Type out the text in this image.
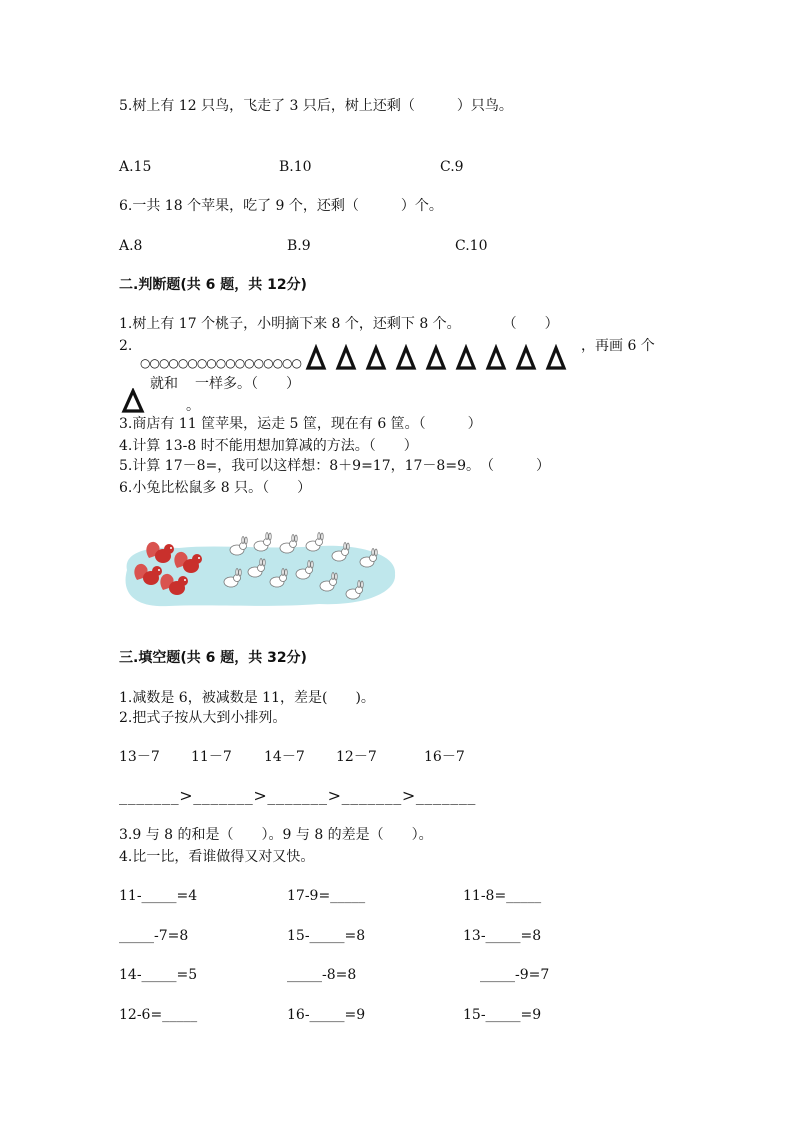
5.树上有 12 只鸟，飞走了 3 只后，树上还剩（　　　）只鸟。
A.15	B.10	C.9
6.一共 18 个苹果，吃了 9 个，还剩（　　　）个。
A.8	B.9	C.10
二.判断题(共 6 题，共 12分)
1.树上有 17 个桃子，小明摘下来 8 个，还剩下 8 个。　　　　（　　）
2.
○○○○○○○○○○○○○○○○○
，再画 6 个
就和 一样多。（　　）
。
3.商店有 11 筐苹果，运走 5 筐，现在有 6 筐。（　　　）
4.计算 13-8 时不能用想加算减的方法。（　　）
5.计算 17－8=，我可以这样想：8＋9=17，17－8=9。　（　　　）
6.小兔比松鼠多 8 只。（　　）
三.填空题(共 6 题，共 32分)
1.减数是 6，被减数是 11，差是(　　)。
2.把式子按从大到小排列。
13－7 11－7 14－7 12－7	16－7
_______>_______>_______>_______>_______
3.9 与 8 的和是（　　）。9 与 8 的差是（　　）。
4.比一比，看谁做得又对又快。
11-_____=4	17-9=_____	11-8=_____
_____-7=8	15-_____=8	13-_____=8
14-_____=5	_____-8=8	_____-9=7
12-6=_____	16-_____=9	15-_____=9
